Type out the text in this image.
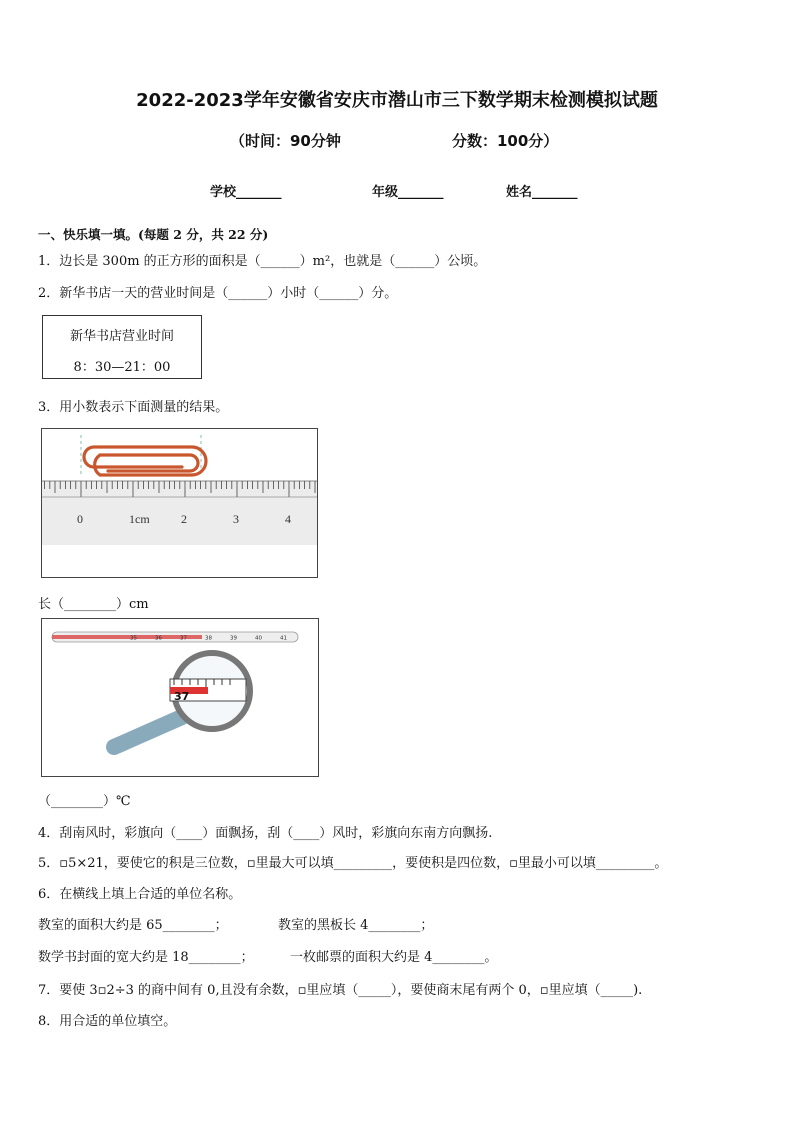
2022-2023学年安徽省安庆市潜山市三下数学期末检测模拟试题
（时间：90分钟	分数：100分）
学校_______	年级_______	姓名_______
一、快乐填一填。(每题 2 分，共 22 分)
1．边长是 300m 的正方形的面积是（______）m²，也就是（______）公顷。
2．新华书店一天的营业时间是（______）小时（______）分。
新华书店营业时间
8：30—21：00
3．用小数表示下面测量的结果。
0	1cm	2	3	4
长（________）cm
35	36	37	38	39	40	41
37
（________）℃
4．刮南风时，彩旗向（____）面飘扬，刮（____）风时，彩旗向东南方向飘扬.
5．▫5×21，要使它的积是三位数，▫里最大可以填_________，要使积是四位数，▫里最小可以填_________。
6．在横线上填上合适的单位名称。
教室的面积大约是 65________；	教室的黑板长 4________；
数学书封面的宽大约是 18________；	一枚邮票的面积大约是 4________。
7．要使 3▫2÷3 的商中间有 0,且没有余数，▫里应填（_____），要使商末尾有两个 0，▫里应填（_____).
8．用合适的单位填空。
